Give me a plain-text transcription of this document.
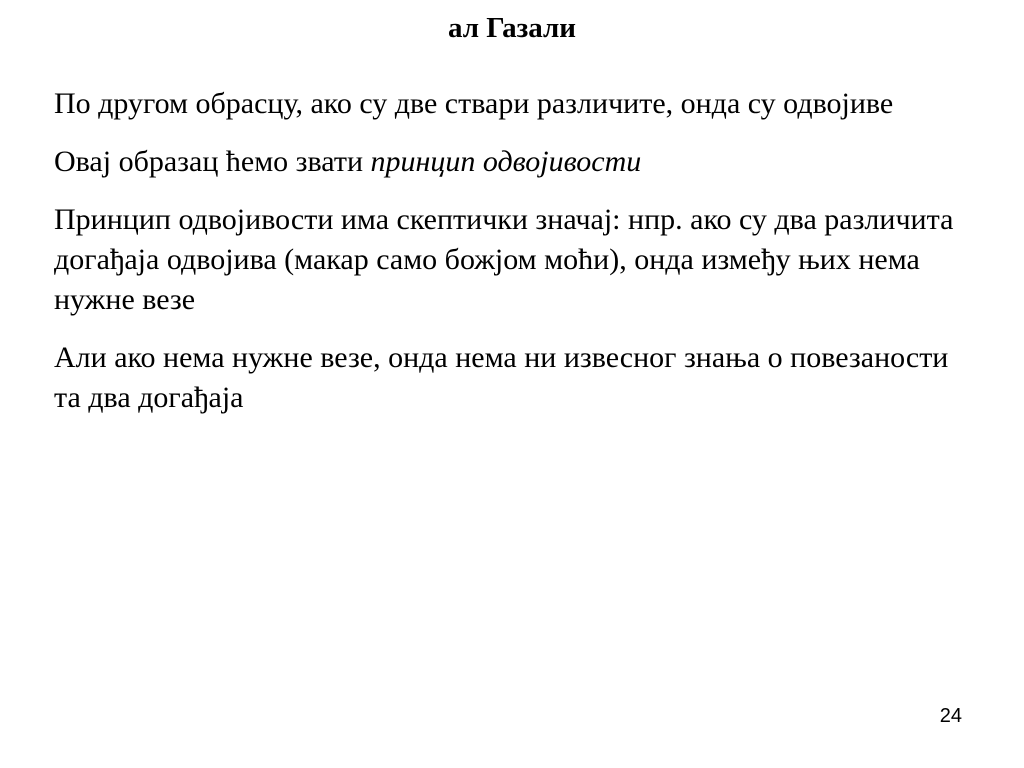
ал Газали

По другом обрасцу, ако су две ствари различите, онда су одвојиве

Овај образац ћемо звати принцип одвојивости

Принцип одвојивости има скептички значај: нпр. ако су два различита догађаја одвојива (макар само божјом моћи), онда између њих нема нужне везе

Али ако нема нужне везе, онда нема ни извесног знања о повезаности та два догађаја

24
